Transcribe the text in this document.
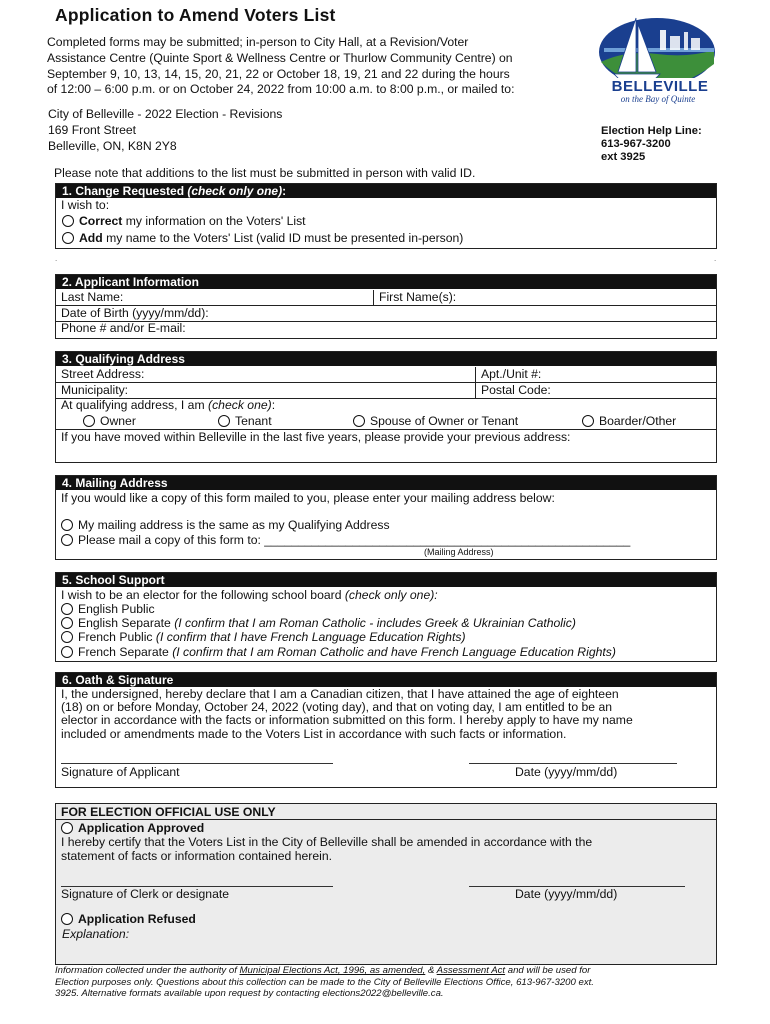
Application to Amend Voters List
Completed forms may be submitted; in-person to City Hall, at a Revision/Voter
Assistance Centre (Quinte Sport & Wellness Centre or Thurlow Community Centre) on
September 9, 10, 13, 14, 15, 20, 21, 22 or October 18, 19, 21 and 22 during the hours
of 12:00 – 6:00 p.m. or on October 24, 2022 from 10:00 a.m. to 8:00 p.m., or mailed to:
City of Belleville - 2022 Election - Revisions
169 Front Street
Belleville, ON, K8N 2Y8
Election Help Line:
613-967-3200
ext 3925
BELLEVILLE
on the Bay of Quinte
Please note that additions to the list must be submitted in person with valid ID.
1. Change Requested (check only one):
I wish to:
Correct my information on the Voters' List
Add my name to the Voters' List (valid ID must be presented in-person)
.	.
2. Applicant Information
Last Name:	First Name(s):
Date of Birth (yyyy/mm/dd):
Phone # and/or E-mail:
3. Qualifying Address
Street Address:	Apt./Unit #:
Municipality:	Postal Code:
At qualifying address, I am (check one):
Owner	Tenant	Spouse of Owner or Tenant	Boarder/Other
If you have moved within Belleville in the last five years, please provide your previous address:
4. Mailing Address
If you would like a copy of this form mailed to you, please enter your mailing address below:
My mailing address is the same as my Qualifying Address
Please mail a copy of this form to: ______________________________________________________
(Mailing Address)
5. School Support
I wish to be an elector for the following school board (check only one):
English Public
English Separate (I confirm that I am Roman Catholic - includes Greek & Ukrainian Catholic)
French Public (I confirm that I have French Language Education Rights)
French Separate (I confirm that I am Roman Catholic and have French Language Education Rights)
6. Oath & Signature
I, the undersigned, hereby declare that I am a Canadian citizen, that I have attained the age of eighteen
(18) on or before Monday, October 24, 2022 (voting day), and that on voting day, I am entitled to be an
elector in accordance with the facts or information submitted on this form. I hereby apply to have my name
included or amendments made to the Voters List in accordance with such facts or information.
Signature of Applicant	Date (yyyy/mm/dd)
FOR ELECTION OFFICIAL USE ONLY
Application Approved
I hereby certify that the Voters List in the City of Belleville shall be amended in accordance with the
statement of facts or information contained herein.
Signature of Clerk or designate	Date (yyyy/mm/dd)
Application Refused
Explanation:
Information collected under the authority of Municipal Elections Act, 1996, as amended, & Assessment Act and will be used for
Election purposes only. Questions about this collection can be made to the City of Belleville Elections Office, 613-967-3200 ext.
3925. Alternative formats available upon request by contacting elections2022@belleville.ca.
